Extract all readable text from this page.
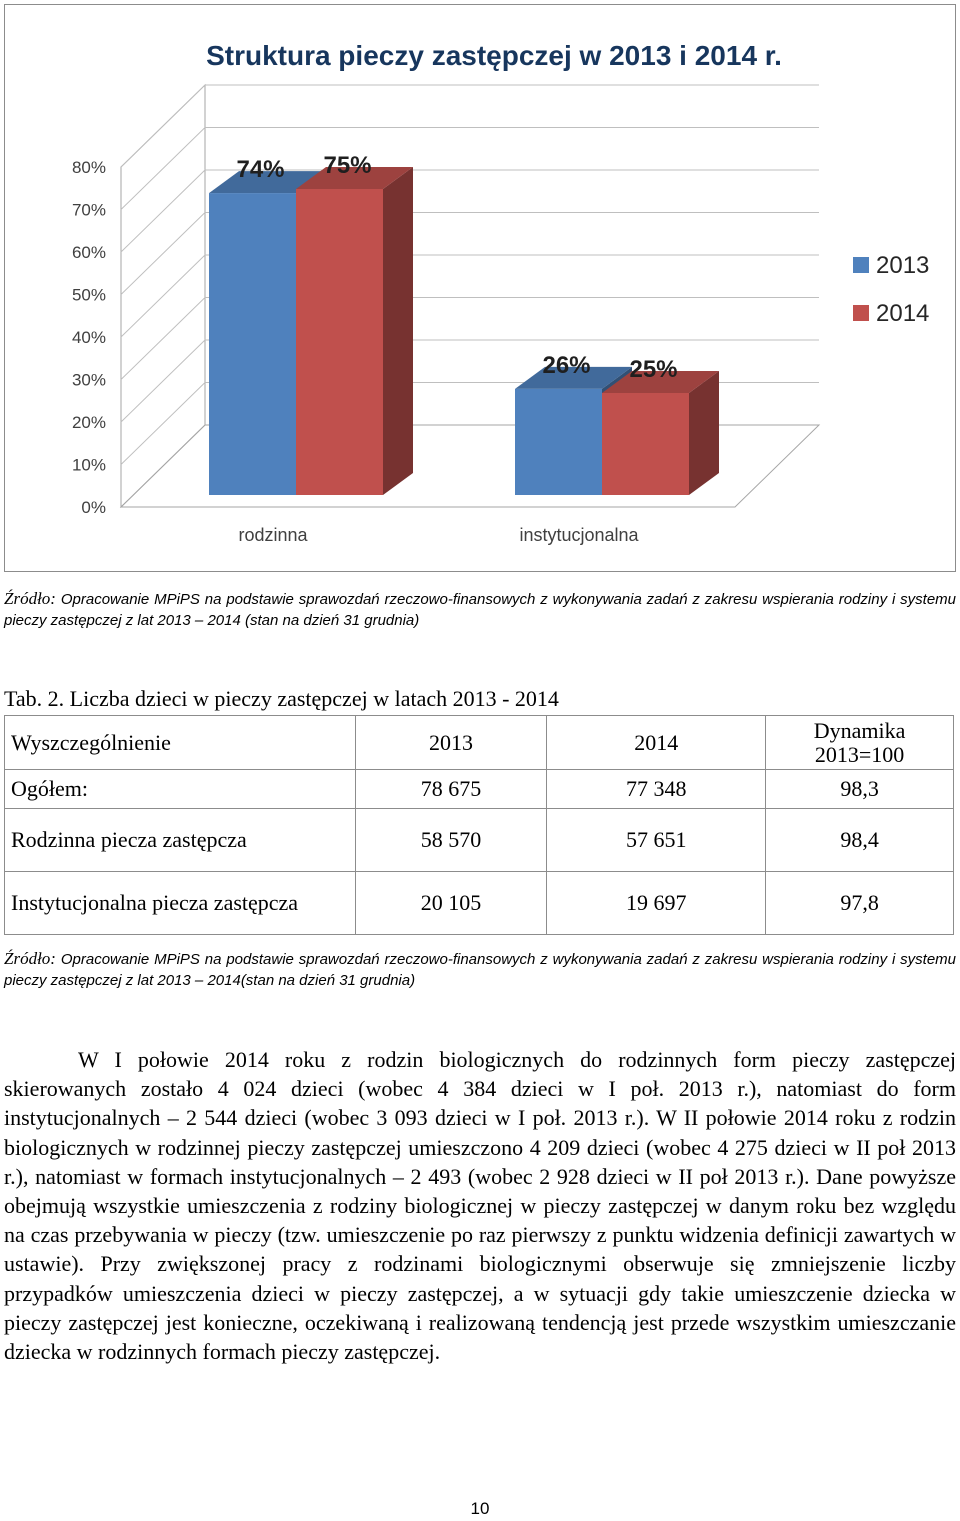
Struktura pieczy zastępczej w 2013 i 2014 r.
0%
10%
20%
30%
40%
50%
60%
70%
80%	74% 75%
rodzinna
26% 25%
instytucjonalna
2013
2014
Źródło: Opracowanie MPiPS na podstawie sprawozdań rzeczowo-finansowych z wykonywania zadań z zakresu wspierania rodziny i systemu pieczy zastępczej z lat 2013 – 2014 (stan na dzień 31 grudnia)
Tab. 2. Liczba dzieci w pieczy zastępczej w latach 2013 - 2014
Wyszczególnienie	2013	2014	Dynamika
2013=100

Ogółem:	78 675	77 348	98,3
Rodzinna piecza zastępcza	58 570	57 651	98,4
Instytucjonalna piecza zastępcza	20 105	19 697	97,8
Źródło: Opracowanie MPiPS na podstawie sprawozdań rzeczowo-finansowych z wykonywania zadań z zakresu wspierania rodziny i systemu pieczy zastępczej z lat 2013 – 2014(stan na dzień 31 grudnia)

W I połowie 2014 roku z rodzin biologicznych do rodzinnych form pieczy zastępczej skierowanych zostało 4 024 dzieci (wobec 4 384 dzieci w I poł. 2013 r.), natomiast do form instytucjonalnych – 2 544 dzieci (wobec 3 093 dzieci w I poł. 2013 r.). W II połowie 2014 roku z rodzin biologicznych w rodzinnej pieczy zastępczej umieszczono 4 209 dzieci (wobec 4 275 dzieci w II poł 2013 r.), natomiast w formach instytucjonalnych – 2 493 (wobec 2 928 dzieci w II poł 2013 r.). Dane powyższe obejmują wszystkie umieszczenia z rodziny biologicznej w pieczy zastępczej w danym roku bez względu na czas przebywania w pieczy (tzw. umieszczenie po raz pierwszy z punktu widzenia definicji zawartych w ustawie). Przy zwiększonej pracy z rodzinami biologicznymi obserwuje się zmniejszenie liczby przypadków umieszczenia dzieci w pieczy zastępczej, a w sytuacji gdy takie umieszczenie dziecka w pieczy zastępczej jest konieczne, oczekiwaną i realizowaną tendencją jest przede wszystkim umieszczanie dziecka w rodzinnych formach pieczy zastępczej.

10
